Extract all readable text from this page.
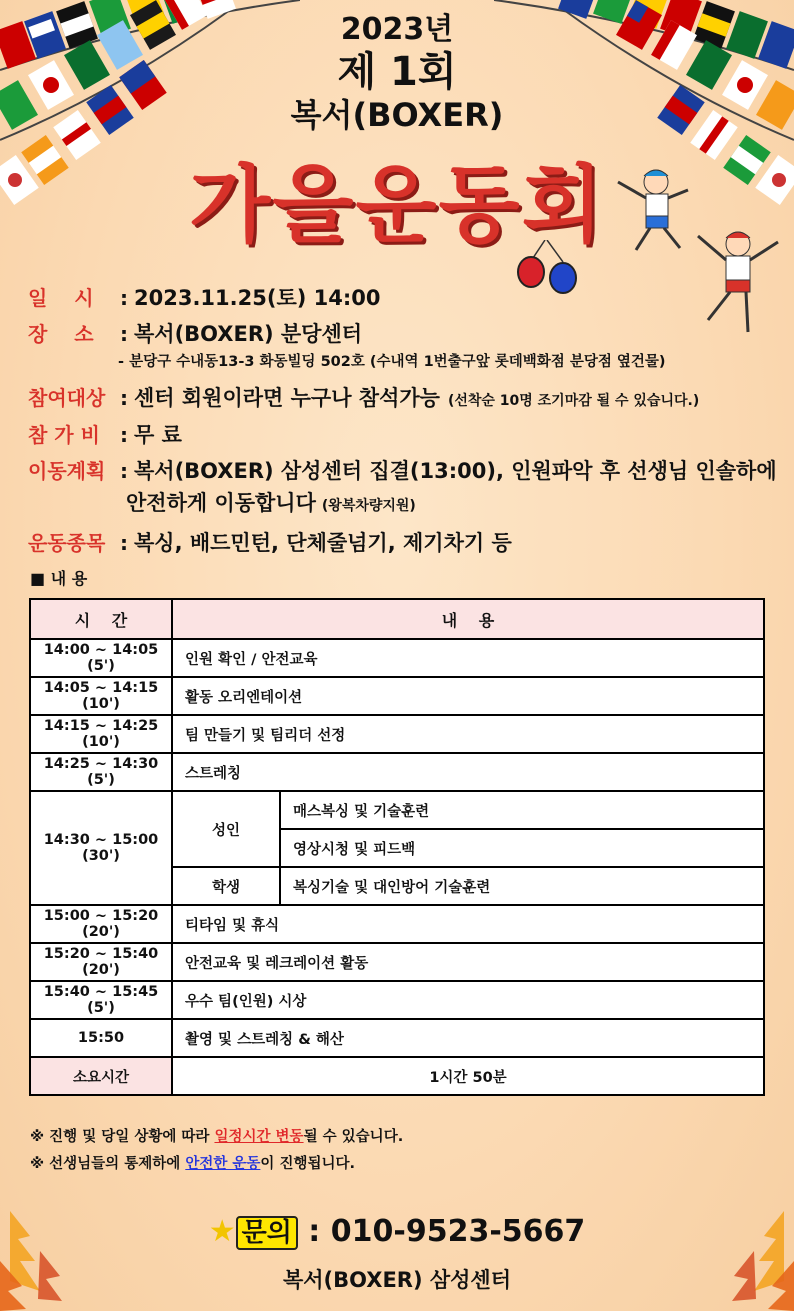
2023년
제 1회
복서(BOXER)
가을운동회
일　 시	: 2023.11.25(토) 14:00
장　 소	: 복서(BOXER) 분당센터
- 분당구 수내동13-3 화동빌딩 502호 (수내역 1번출구앞 롯데백화점 분당점 옆건물)
참여대상 : 센터 회원이라면 누구나 참석가능 (선착순 10명 조기마감 될 수 있습니다.)
참 가 비	: 무 료
이동계획 : 복서(BOXER) 삼성센터 집결(13:00), 인원파악 후 선생님 인솔하에
안전하게 이동합니다 (왕복차량지원)
운동종목 : 복싱, 배드민턴, 단체줄넘기, 제기차기 등
■ 내 용
시　 간	내　 용	
14:00 ~ 14:05 (5')	인원 확인 / 안전교육	
14:05 ~ 14:15 (10')	활동 오리엔테이션	
14:15 ~ 14:25 (10')	팀 만들기 및 팀리더 선정	
14:25 ~ 14:30 (5')	스트레칭	
14:30 ~ 15:00 (30')	성인	매스복싱 및 기술훈련
		영상시청 및 피드백
	학생	복싱기술 및 대인방어 기술훈련
15:00 ~ 15:20 (20')	티타임 및 휴식	
15:20 ~ 15:40 (20')	안전교육 및 레크레이션 활동	
15:40 ~ 15:45 (5')	우수 팀(인원) 시상	
15:50	촬영 및 스트레칭 & 해산	
소요시간	1시간 50분	
※ 진행 및 당일 상황에 따라 일정시간 변동될 수 있습니다.
※ 선생님들의 통제하에 안전한 운동이 진행됩니다.
★ 문의 : 010-9523-5667
복서(BOXER) 삼성센터
